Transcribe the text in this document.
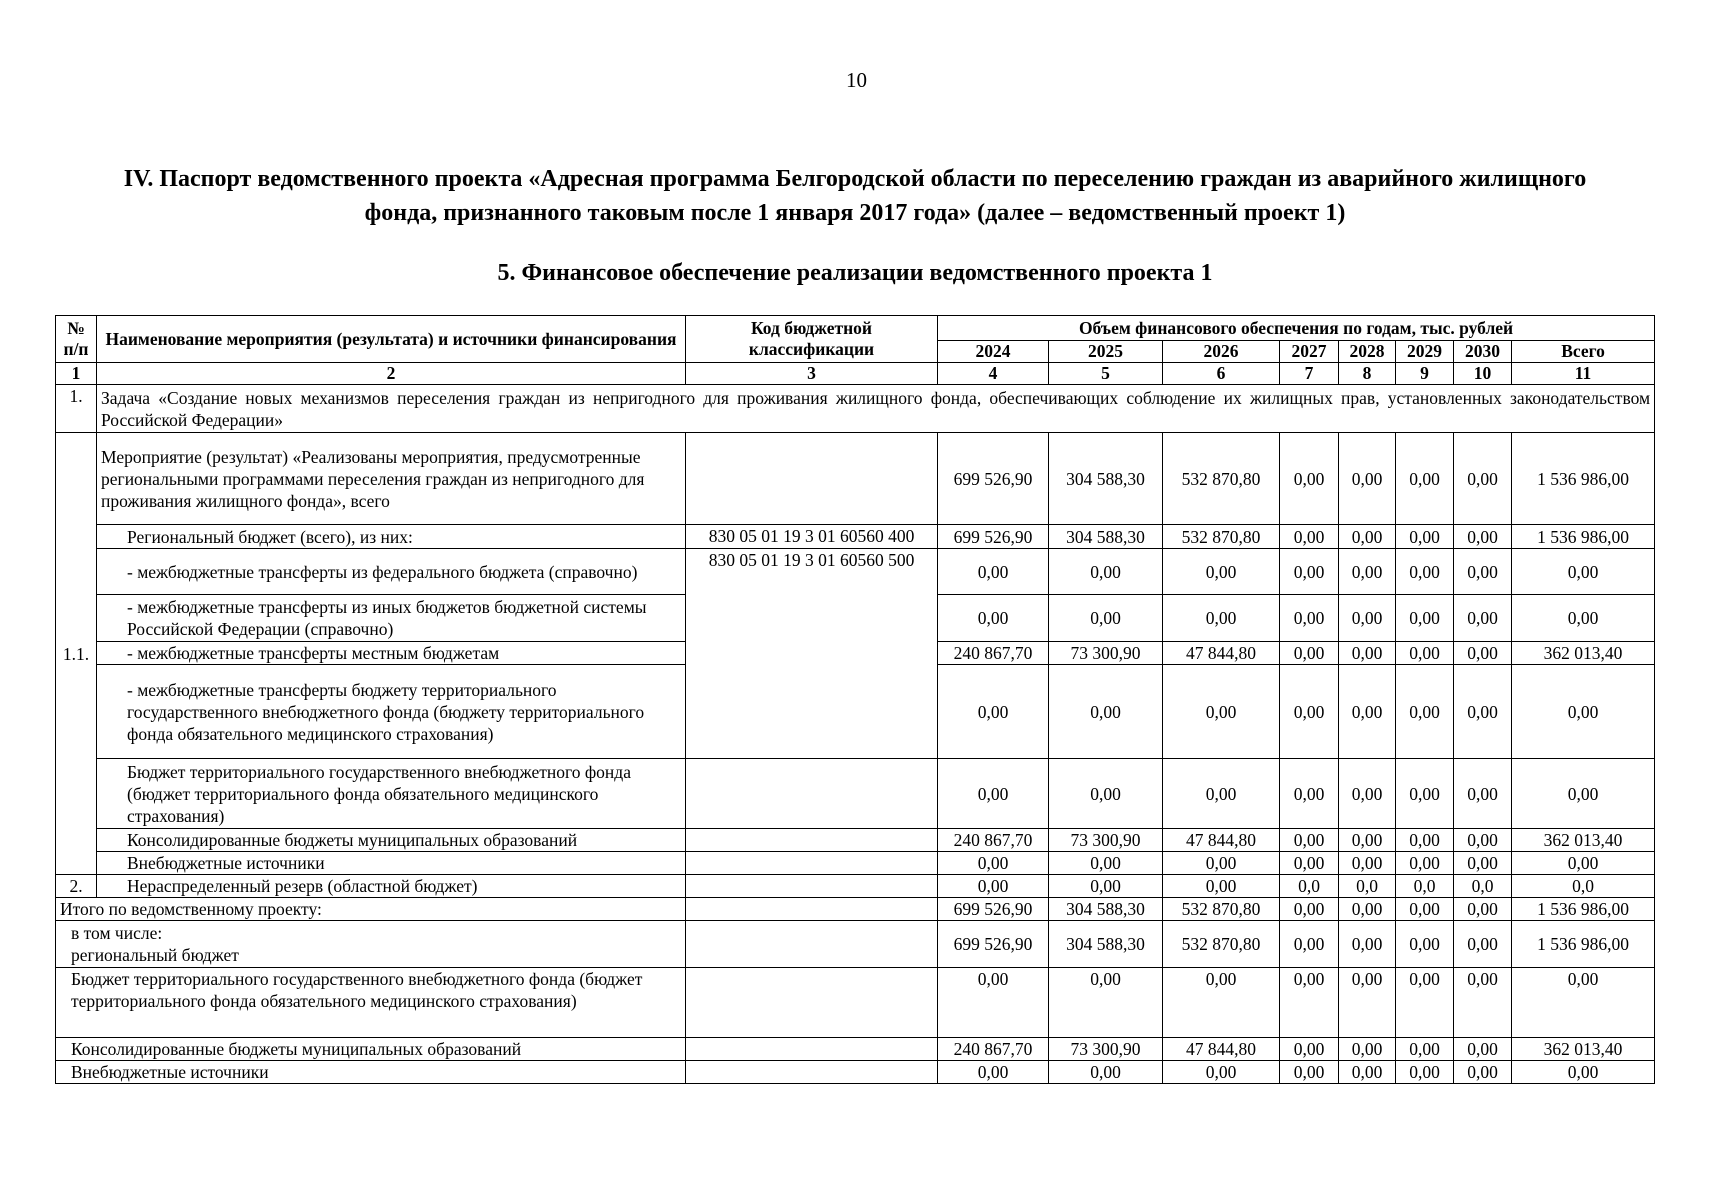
10
IV. Паспорт ведомственного проекта «Адресная программа Белгородской области по переселению граждан из аварийного жилищного фонда, признанного таковым после 1 января 2017 года» (далее – ведомственный проект 1)
5. Финансовое обеспечение реализации ведомственного проекта 1
№ п/п	Наименование мероприятия (результата) и источники финансирования	Код бюджетной классификации	Объем финансового обеспечения по годам, тыс. рублей							
			2024	2025	2026	2027	2028	2029	2030	Всего
1	2	3	4	5	6	7	8	9	10	11
1.	Задача «Создание новых механизмов переселения граждан из непригодного для проживания жилищного фонда, обеспечивающих соблюдение их жилищных прав, установленных законодательством Российской Федерации»									
1.1.	Мероприятие (результат) «Реализованы мероприятия, предусмотренные региональными программами переселения граждан из непригодного для проживания жилищного фонда», всего		699 526,90	304 588,30	532 870,80	0,00	0,00	0,00	0,00	1 536 986,00
	Региональный бюджет (всего), из них:	830 05 01 19 3 01 60560 400	699 526,90	304 588,30	532 870,80	0,00	0,00	0,00	0,00	1 536 986,00
	- межбюджетные трансферты из федерального бюджета (справочно)	830 05 01 19 3 01 60560 500	0,00	0,00	0,00	0,00	0,00	0,00	0,00	0,00
	- межбюджетные трансферты из иных бюджетов бюджетной системы Российской Федерации (справочно)		0,00	0,00	0,00	0,00	0,00	0,00	0,00	0,00
	- межбюджетные трансферты местным бюджетам		240 867,70	73 300,90	47 844,80	0,00	0,00	0,00	0,00	362 013,40
	- межбюджетные трансферты бюджету территориального государственного внебюджетного фонда (бюджету территориального фонда обязательного медицинского страхования)		0,00	0,00	0,00	0,00	0,00	0,00	0,00	0,00
	Бюджет территориального государственного внебюджетного фонда (бюджет территориального фонда обязательного медицинского страхования)		0,00	0,00	0,00	0,00	0,00	0,00	0,00	0,00
	Консолидированные бюджеты муниципальных образований		240 867,70	73 300,90	47 844,80	0,00	0,00	0,00	0,00	362 013,40
	Внебюджетные источники		0,00	0,00	0,00	0,00	0,00	0,00	0,00	0,00
2.	Нераспределенный резерв (областной бюджет)		0,00	0,00	0,00	0,0	0,0	0,0	0,0	0,0
Итого по ведомственному проекту:			699 526,90	304 588,30	532 870,80	0,00	0,00	0,00	0,00	1 536 986,00

в том числе:
региональный бюджет			699 526,90	304 588,30	532 870,80	0,00	0,00	0,00	0,00	1 536 986,00
Бюджет территориального государственного внебюджетного фонда (бюджет территориального фонда обязательного медицинского страхования)			0,00	0,00	0,00	0,00	0,00	0,00	0,00	0,00
Консолидированные бюджеты муниципальных образований			240 867,70	73 300,90	47 844,80	0,00	0,00	0,00	0,00	362 013,40
Внебюджетные источники			0,00	0,00	0,00	0,00	0,00	0,00	0,00	0,00
